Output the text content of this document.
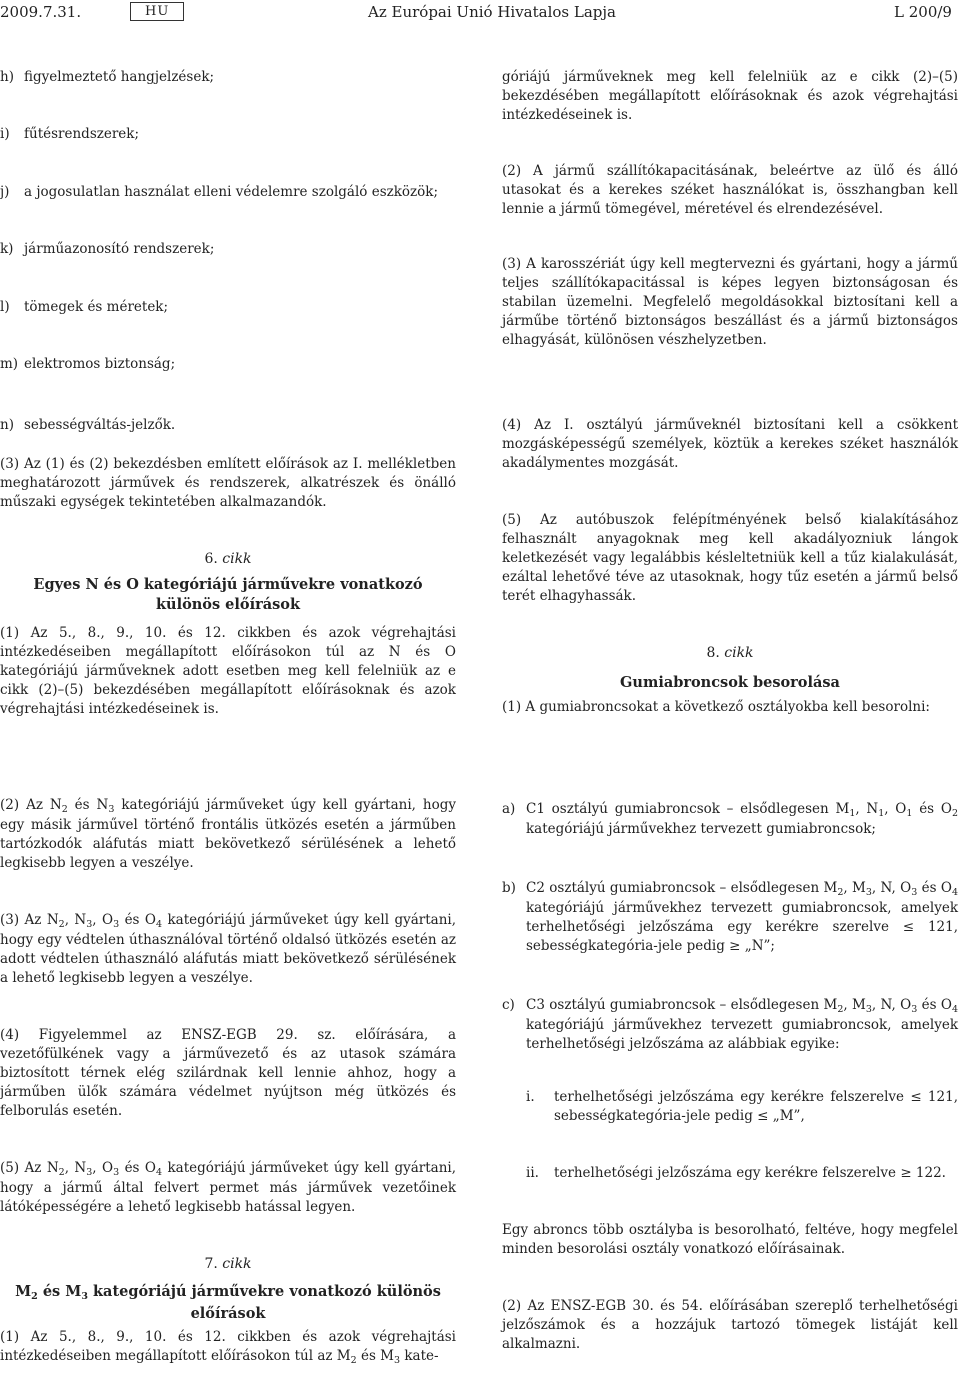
2009.7.31.	HU	Az Európai Unió Hivatalos Lapja	L 200/9
h) figyelmeztető hangjelzések;
i)	fűtésrendszerek;
j)	a jogosulatlan használat elleni védelemre szolgáló eszközök;
k) járműazonosító rendszerek;
l)	tömegek és méretek;
m) elektromos biztonság;

góriájú járműveknek meg kell felelniük az e cikk (2)–(5) bekezdésében megállapított előírásoknak és azok végrehajtási intézkedéseinek is.

(2) A jármű szállítókapacitásának, beleértve az ülő és álló utasokat és a kerekes széket használókat is, összhangban kell lennie a jármű tömegével, méretével és elrendezésével.

(3) A karosszériát úgy kell megtervezni és gyártani, hogy a jármű teljes szállítókapacitással is képes legyen biztonságosan és stabilan üzemelni. Megfelelő megoldásokkal biztosítani kell a járműbe történő biztonságos beszállást és a jármű biztonságos elhagyását, különösen vészhelyzetben.

n) sebességváltás-jelzők.

(3) Az (1) és (2) bekezdésben említett előírások az I. mellékletben meghatározott járművek és rendszerek, alkatrészek és önálló műszaki egységek tekintetében alkalmazandók.

6. cikk

Egyes N és O kategóriájú járművekre vonatkozó különös előírások

(1) Az 5., 8., 9., 10. és 12. cikkben és azok végrehajtási intézkedéseiben megállapított előírásokon túl az N és O kategóriájú járműveknek adott esetben meg kell felelniük az e cikk (2)–(5) bekezdésében megállapított előírásoknak és azok végrehajtási intézkedéseinek is.

(4) Az I. osztályú járműveknél biztosítani kell a csökkent mozgásképességű személyek, köztük a kerekes széket használók akadálymentes mozgását.

(5) Az autóbuszok felépítményének belső kialakításához felhasznált anyagoknak meg kell akadályozniuk lángok keletkezését vagy legalábbis késleltetniük kell a tűz kialakulását, ezáltal lehetővé téve az utasoknak, hogy tűz esetén a jármű belső terét elhagyhassák.

8. cikk

Gumiabroncsok besorolása

(1) A gumiabroncsokat a következő osztályokba kell besorolni:

(2) Az $N_2$ és $N_3$ kategóriájú járműveket úgy kell gyártani, hogy egy másik járművel történő frontális ütközés esetén a járműben tartózkodók aláfutás miatt bekövetkező sérülésének a lehető legkisebb legyen a veszélye.

(3) Az $N_2$, $N_3$, $O_3$ és $O_4$ kategóriájú járműveket úgy kell gyártani, hogy egy védtelen úthasználóval történő oldalsó ütközés esetén az adott védtelen úthasználó aláfutás miatt bekövetkező sérülésének a lehető legkisebb legyen a veszélye.

(4) Figyelemmel az ENSZ-EGB 29. sz. előírására, a vezetőfülkének vagy a járművezető és az utasok számára biztosított térnek elég szilárdnak kell lennie ahhoz, hogy a járműben ülők számára védelmet nyújtson még ütközés és felborulás esetén.

(5) Az $N_2$, $N_3$, $O_3$ és $O_4$ kategóriájú járműveket úgy kell gyártani, hogy a jármű által felvert permet más járművek vezetőinek látóképességére a lehető legkisebb hatással legyen.

7. cikk

$M_2$ és $M_3$ kategóriájú járművekre vonatkozó különös előírások

(1) Az 5., 8., 9., 10. és 12. cikkben és azok végrehajtási intézkedéseiben megállapított előírásokon túl az $M_2$ és $M_3$ kate-

a) C1 osztályú gumiabroncsok – elsődlegesen $M_1$, $N_1$, $O_1$ és $O_2$ kategóriájú járművekhez tervezett gumiabroncsok;
b) C2 osztályú gumiabroncsok – elsődlegesen $M_2$, $M_3$, N, $O_3$ és $O_4$ kategóriájú járművekhez tervezett gumiabroncsok, amelyek terhelhetőségi jelzőszáma egy kerékre szerelve ≤ 121, sebességkategória-jele pedig ≥ „N”;
c) C3 osztályú gumiabroncsok – elsődlegesen $M_2$, $M_3$, N, $O_3$ és $O_4$ kategóriájú járművekhez tervezett gumiabroncsok, amelyek terhelhetőségi jelzőszáma az alábbiak egyike:
i.	terhelhetőségi jelzőszáma egy kerékre felszerelve ≤ 121, sebességkategória-jele pedig ≤ „M”,
ii.	terhelhetőségi jelzőszáma egy kerékre felszerelve ≥ 122.

Egy abroncs több osztályba is besorolható, feltéve, hogy megfelel minden besorolási osztály vonatkozó előírásainak.

(2) Az ENSZ-EGB 30. és 54. előírásában szereplő terhelhetőségi jelzőszámok és a hozzájuk tartozó tömegek listáját kell alkalmazni.
